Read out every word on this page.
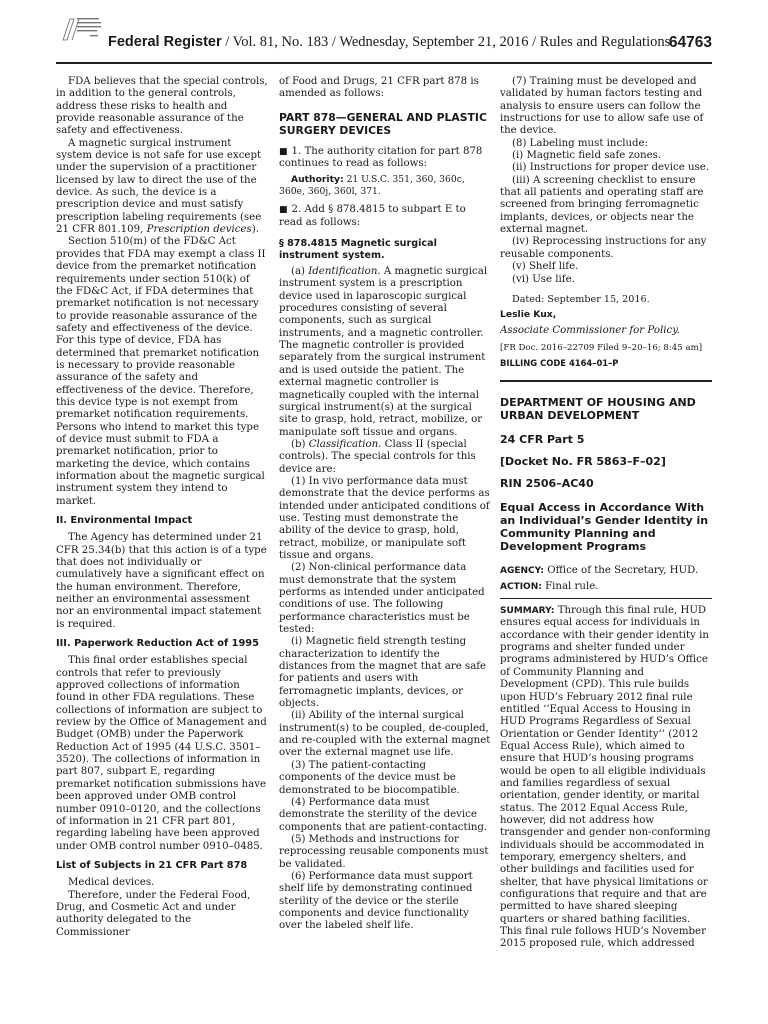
Federal Register / Vol. 81, No. 183 / Wednesday, September 21, 2016 / Rules and Regulations
64763

FDA believes that the special controls, in addition to the general controls, address these risks to health and provide reasonable assurance of the safety and effectiveness.

A magnetic surgical instrument system device is not safe for use except under the supervision of a practitioner licensed by law to direct the use of the device. As such, the device is a prescription device and must satisfy prescription labeling requirements (see 21 CFR 801.109, Prescription devices).

Section 510(m) of the FD&C Act provides that FDA may exempt a class II device from the premarket notification requirements under section 510(k) of the FD&C Act, if FDA determines that premarket notification is not necessary to provide reasonable assurance of the safety and effectiveness of the device. For this type of device, FDA has determined that premarket notification is necessary to provide reasonable assurance of the safety and effectiveness of the device. Therefore, this device type is not exempt from premarket notification requirements. Persons who intend to market this type of device must submit to FDA a premarket notification, prior to marketing the device, which contains information about the magnetic surgical instrument system they intend to market.

II. Environmental Impact

The Agency has determined under 21 CFR 25.34(b) that this action is of a type that does not individually or cumulatively have a significant effect on the human environment. Therefore, neither an environmental assessment nor an environmental impact statement is required.

III. Paperwork Reduction Act of 1995

This final order establishes special controls that refer to previously approved collections of information found in other FDA regulations. These collections of information are subject to review by the Office of Management and Budget (OMB) under the Paperwork Reduction Act of 1995 (44 U.S.C. 3501–3520). The collections of information in part 807, subpart E, regarding premarket notification submissions have been approved under OMB control number 0910–0120, and the collections of information in 21 CFR part 801, regarding labeling have been approved under OMB control number 0910–0485.

List of Subjects in 21 CFR Part 878

Medical devices.

Therefore, under the Federal Food, Drug, and Cosmetic Act and under authority delegated to the Commissioner

of Food and Drugs, 21 CFR part 878 is amended as follows:

PART 878—GENERAL AND PLASTIC SURGERY DEVICES

■ 1. The authority citation for part 878 continues to read as follows:

Authority: 21 U.S.C. 351, 360, 360c, 360e, 360j, 360l, 371.

■ 2. Add § 878.4815 to subpart E to read as follows:

§ 878.4815 Magnetic surgical instrument system.

(a) Identification. A magnetic surgical instrument system is a prescription device used in laparoscopic surgical procedures consisting of several components, such as surgical instruments, and a magnetic controller. The magnetic controller is provided separately from the surgical instrument and is used outside the patient. The external magnetic controller is magnetically coupled with the internal surgical instrument(s) at the surgical site to grasp, hold, retract, mobilize, or manipulate soft tissue and organs.

(b) Classification. Class II (special controls). The special controls for this device are:

(1) In vivo performance data must demonstrate that the device performs as intended under anticipated conditions of use. Testing must demonstrate the ability of the device to grasp, hold, retract, mobilize, or manipulate soft tissue and organs.

(2) Non-clinical performance data must demonstrate that the system performs as intended under anticipated conditions of use. The following performance characteristics must be tested:

(i) Magnetic field strength testing characterization to identify the distances from the magnet that are safe for patients and users with ferromagnetic implants, devices, or objects.

(ii) Ability of the internal surgical instrument(s) to be coupled, de-coupled, and re-coupled with the external magnet over the external magnet use life.

(3) The patient-contacting components of the device must be demonstrated to be biocompatible.

(4) Performance data must demonstrate the sterility of the device components that are patient-contacting.

(5) Methods and instructions for reprocessing reusable components must be validated.

(6) Performance data must support shelf life by demonstrating continued sterility of the device or the sterile components and device functionality over the labeled shelf life.

(7) Training must be developed and validated by human factors testing and analysis to ensure users can follow the instructions for use to allow safe use of the device.

(8) Labeling must include:

(i) Magnetic field safe zones.

(ii) Instructions for proper device use.

(iii) A screening checklist to ensure that all patients and operating staff are screened from bringing ferromagnetic implants, devices, or objects near the external magnet.

(iv) Reprocessing instructions for any reusable components.

(v) Shelf life.

(vi) Use life.

Dated: September 15, 2016.

Leslie Kux,
Associate Commissioner for Policy.
[FR Doc. 2016–22709 Filed 9–20–16; 8:45 am]
BILLING CODE 4164–01–P
DEPARTMENT OF HOUSING AND URBAN DEVELOPMENT
24 CFR Part 5
[Docket No. FR 5863–F–02]
RIN 2506–AC40
Equal Access in Accordance With an Individual’s Gender Identity in Community Planning and Development Programs
AGENCY: Office of the Secretary, HUD.
ACTION: Final rule.

SUMMARY: Through this final rule, HUD ensures equal access for individuals in accordance with their gender identity in programs and shelter funded under programs administered by HUD’s Office of Community Planning and Development (CPD). This rule builds upon HUD’s February 2012 final rule entitled ‘‘Equal Access to Housing in HUD Programs Regardless of Sexual Orientation or Gender Identity’’ (2012 Equal Access Rule), which aimed to ensure that HUD’s housing programs would be open to all eligible individuals and families regardless of sexual orientation, gender identity, or marital status. The 2012 Equal Access Rule, however, did not address how transgender and gender non-conforming individuals should be accommodated in temporary, emergency shelters, and other buildings and facilities used for shelter, that have physical limitations or configurations that require and that are permitted to have shared sleeping quarters or shared bathing facilities. This final rule follows HUD’s November 2015 proposed rule, which addressed
